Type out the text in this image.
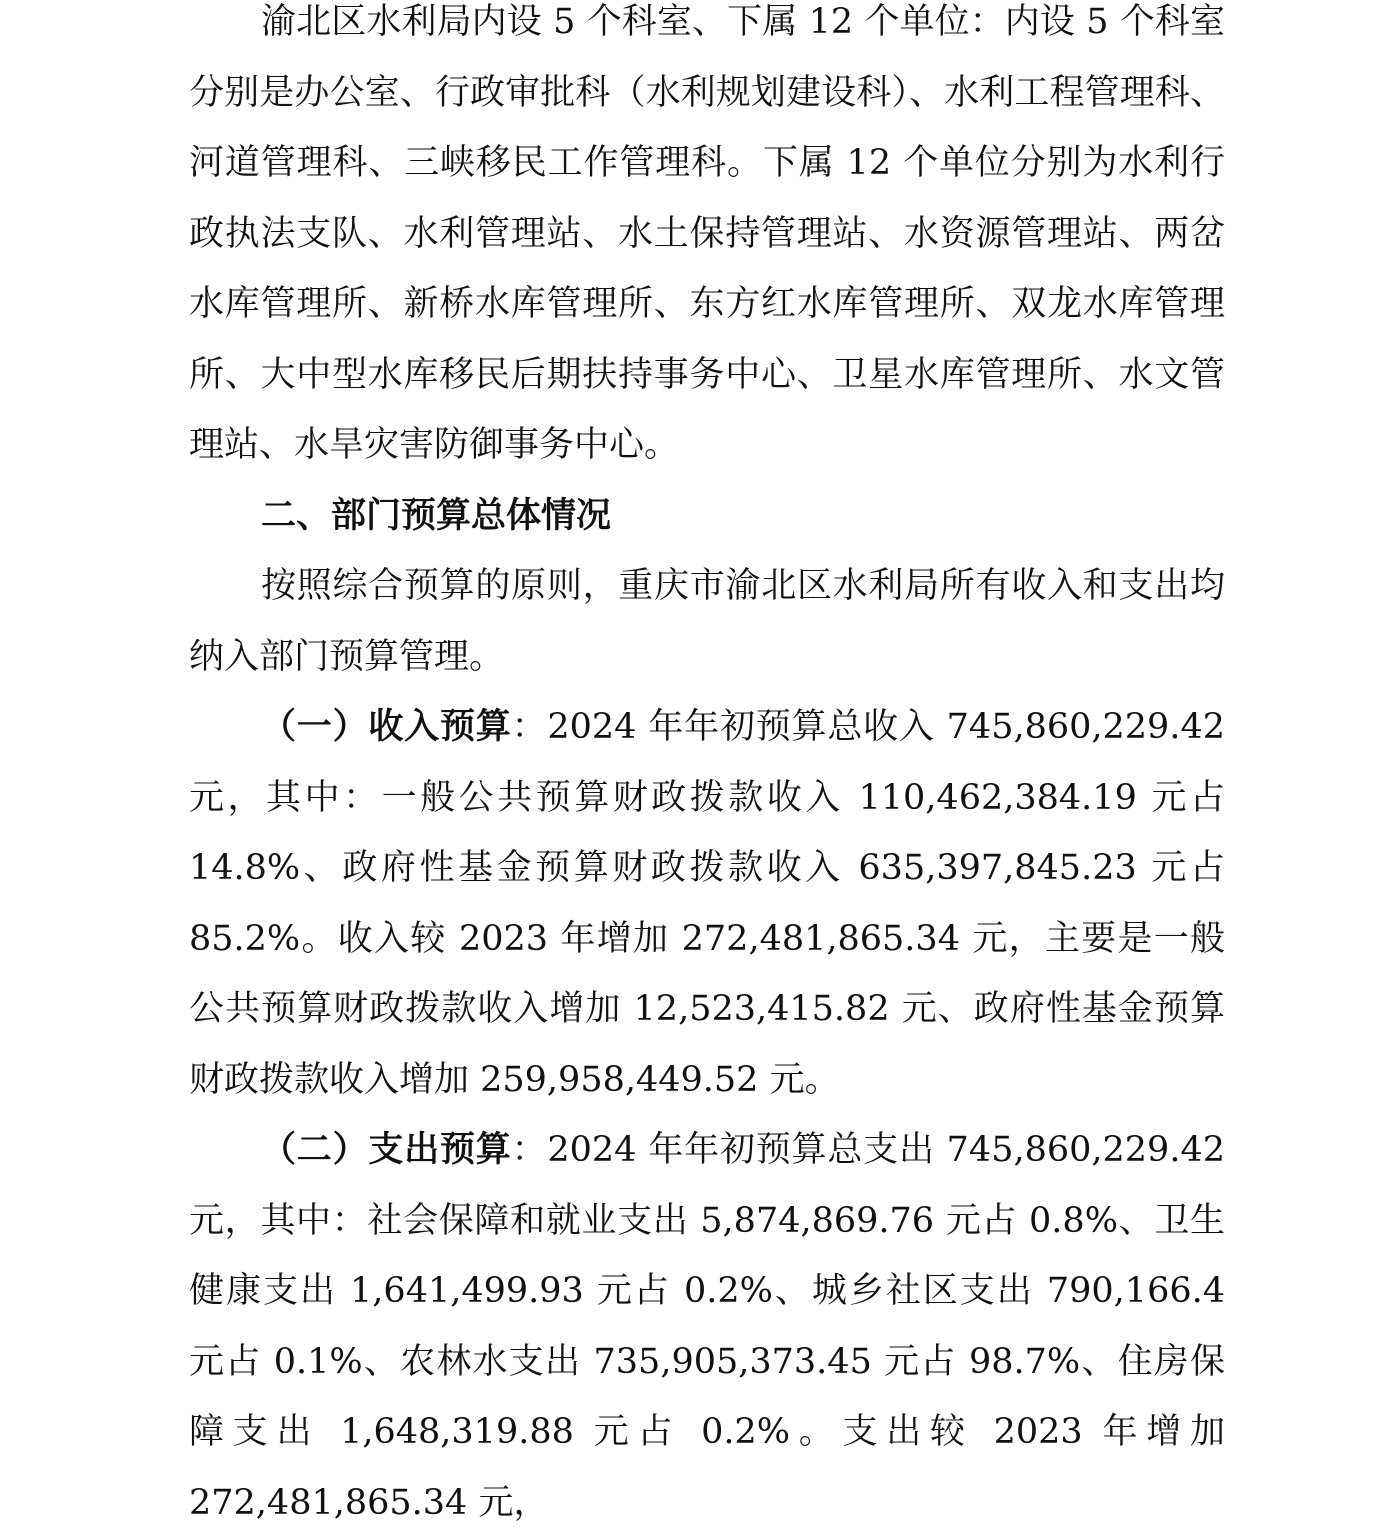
渝北区水利局内设 5 个科室、下属 12 个单位：内设 5 个科室分别是办公室、行政审批科（水利规划建设科）、水利工程管理科、河道管理科、三峡移民工作管理科。下属 12 个单位分别为水利行政执法支队、水利管理站、水土保持管理站、水资源管理站、两岔水库管理所、新桥水库管理所、东方红水库管理所、双龙水库管理所、大中型水库移民后期扶持事务中心、卫星水库管理所、水文管理站、水旱灾害防御事务中心。

二、部门预算总体情况

按照综合预算的原则，重庆市渝北区水利局所有收入和支出均纳入部门预算管理。

（一）收入预算：2024 年年初预算总收入 745,860,229.42 元，其中：一般公共预算财政拨款收入 110,462,384.19 元占 14.8%、政府性基金预算财政拨款收入 635,397,845.23 元占 85.2%。收入较 2023 年增加 272,481,865.34 元，主要是一般公共预算财政拨款收入增加 12,523,415.82 元、政府性基金预算财政拨款收入增加 259,958,449.52 元。

（二）支出预算：2024 年年初预算总支出 745,860,229.42 元，其中：社会保障和就业支出 5,874,869.76 元占 0.8%、卫生健康支出 1,641,499.93 元占 0.2%、城乡社区支出 790,166.4 元占 0.1%、农林水支出 735,905,373.45 元占 98.7%、住房保障支出 1,648,319.88 元占 0.2%。支出较 2023 年增加 272,481,865.34 元，
